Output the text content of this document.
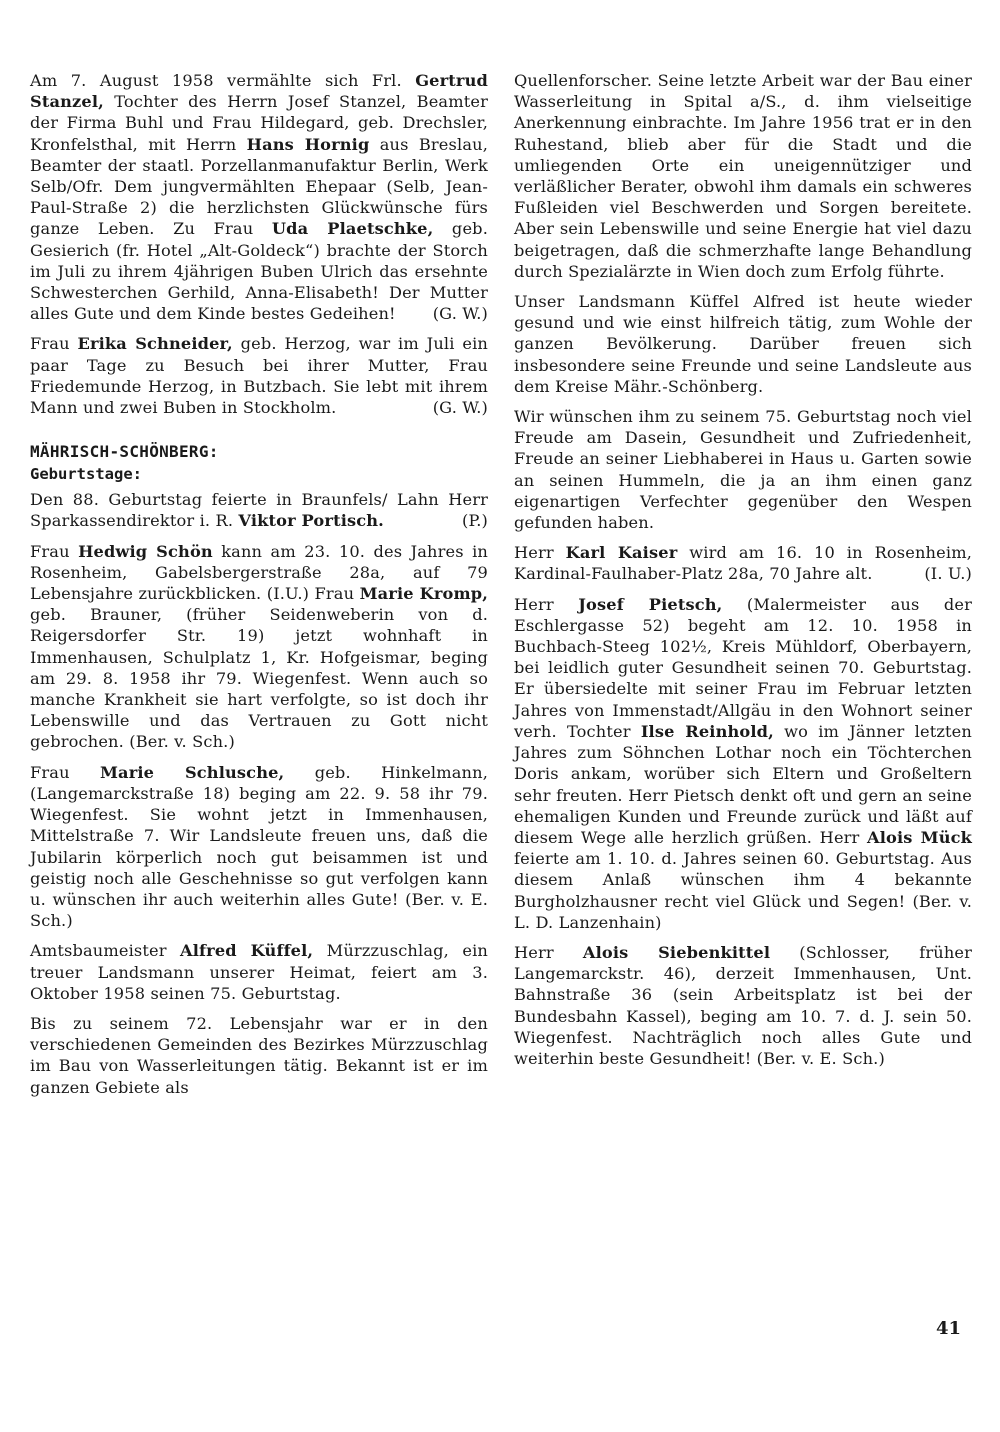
Am 7. August 1958 vermählte sich Frl. Gertrud Stanzel, Tochter des Herrn Josef Stanzel, Beamter der Firma Buhl und Frau Hildegard, geb. Drechsler, Kronfelsthal, mit Herrn Hans Hornig aus Breslau, Beamter der staatl. Porzellanmanufaktur Berlin, Werk Selb/Ofr. Dem jungvermählten Ehepaar (Selb, Jean-Paul-Straße 2) die herzlichsten Glückwünsche fürs ganze Leben. Zu Frau Uda Plaetschke, geb. Gesierich (fr. Hotel „Alt-Goldeck“) brachte der Storch im Juli zu ihrem 4jährigen Buben Ulrich das ersehnte Schwesterchen Gerhild, Anna-Elisabeth! Der Mutter alles Gute und dem Kinde bestes Gedeihen! (G. W.)

Frau Erika Schneider, geb. Herzog, war im Juli ein paar Tage zu Besuch bei ihrer Mutter, Frau Friedemunde Herzog, in Butzbach. Sie lebt mit ihrem Mann und zwei Buben in Stockholm.	(G. W.)

MÄHRISCH-SCHÖNBERG:
Geburtstage:

Den 88. Geburtstag feierte in Braunfels/ Lahn Herr Sparkassendirektor i. R. Viktor Portisch.	(P.)

Frau Hedwig Schön kann am 23. 10. des Jahres in Rosenheim, Gabelsbergerstraße 28a, auf 79 Lebensjahre zurückblicken. (I.U.) Frau Marie Kromp, geb. Brauner, (früher Seidenweberin von d. Reigersdorfer Str. 19) jetzt wohnhaft in Immenhausen, Schulplatz 1, Kr. Hofgeismar, beging am 29. 8. 1958 ihr 79. Wiegenfest. Wenn auch so manche Krankheit sie hart verfolgte, so ist doch ihr Lebenswille und das Vertrauen zu Gott nicht gebrochen. (Ber. v. Sch.)

Frau Marie Schlusche, geb. Hinkelmann, (Langemarckstraße 18) beging am 22. 9. 58 ihr 79. Wiegenfest. Sie wohnt jetzt in Immenhausen, Mittelstraße 7. Wir Landsleute freuen uns, daß die Jubilarin körperlich noch gut beisammen ist und geistig noch alle Geschehnisse so gut verfolgen kann u. wünschen ihr auch weiterhin alles Gute! (Ber. v. E. Sch.)

Amtsbaumeister Alfred Küffel, Mürzzuschlag, ein treuer Landsmann unserer Heimat, feiert am 3. Oktober 1958 seinen 75. Geburtstag.

Bis zu seinem 72. Lebensjahr war er in den verschiedenen Gemeinden des Bezirkes Mürzzuschlag im Bau von Wasserleitungen tätig. Bekannt ist er im ganzen Gebiete als

Quellenforscher. Seine letzte Arbeit war der Bau einer Wasserleitung in Spital a/S., d. ihm vielseitige Anerkennung einbrachte. Im Jahre 1956 trat er in den Ruhestand, blieb aber für die Stadt und die umliegenden Orte ein uneigennütziger und verläßlicher Berater, obwohl ihm damals ein schweres Fußleiden viel Beschwerden und Sorgen bereitete. Aber sein Lebenswille und seine Energie hat viel dazu beigetragen, daß die schmerzhafte lange Behandlung durch Spezialärzte in Wien doch zum Erfolg führte.

Unser Landsmann Küffel Alfred ist heute wieder gesund und wie einst hilfreich tätig, zum Wohle der ganzen Bevölkerung. Darüber freuen sich insbesondere seine Freunde und seine Landsleute aus dem Kreise Mähr.-Schönberg.

Wir wünschen ihm zu seinem 75. Geburtstag noch viel Freude am Dasein, Gesundheit und Zufriedenheit, Freude an seiner Liebhaberei in Haus u. Garten sowie an seinen Hummeln, die ja an ihm einen ganz eigenartigen Verfechter gegenüber den Wespen gefunden haben.

Herr Karl Kaiser wird am 16. 10 in Rosenheim, Kardinal-Faulhaber-Platz 28a, 70 Jahre alt.	(I. U.)

Herr Josef Pietsch, (Malermeister aus der Eschlergasse 52) begeht am 12. 10. 1958 in Buchbach-Steeg 102½, Kreis Mühldorf, Oberbayern, bei leidlich guter Gesundheit seinen 70. Geburtstag. Er übersiedelte mit seiner Frau im Februar letzten Jahres von Immenstadt/Allgäu in den Wohnort seiner verh. Tochter Ilse Reinhold, wo im Jänner letzten Jahres zum Söhnchen Lothar noch ein Töchterchen Doris ankam, worüber sich Eltern und Großeltern sehr freuten. Herr Pietsch denkt oft und gern an seine ehemaligen Kunden und Freunde zurück und läßt auf diesem Wege alle herzlich grüßen. Herr Alois Mück feierte am 1. 10. d. Jahres seinen 60. Geburtstag. Aus diesem Anlaß wünschen ihm 4 bekannte Burgholzhausner recht viel Glück und Segen! (Ber. v. L. D. Lanzenhain)

Herr Alois Siebenkittel (Schlosser, früher Langemarckstr. 46), derzeit Immenhausen, Unt. Bahnstraße 36 (sein Arbeitsplatz ist bei der Bundesbahn Kassel), beging am 10. 7. d. J. sein 50. Wiegenfest. Nachträglich noch alles Gute und weiterhin beste Gesundheit! (Ber. v. E. Sch.)

41
